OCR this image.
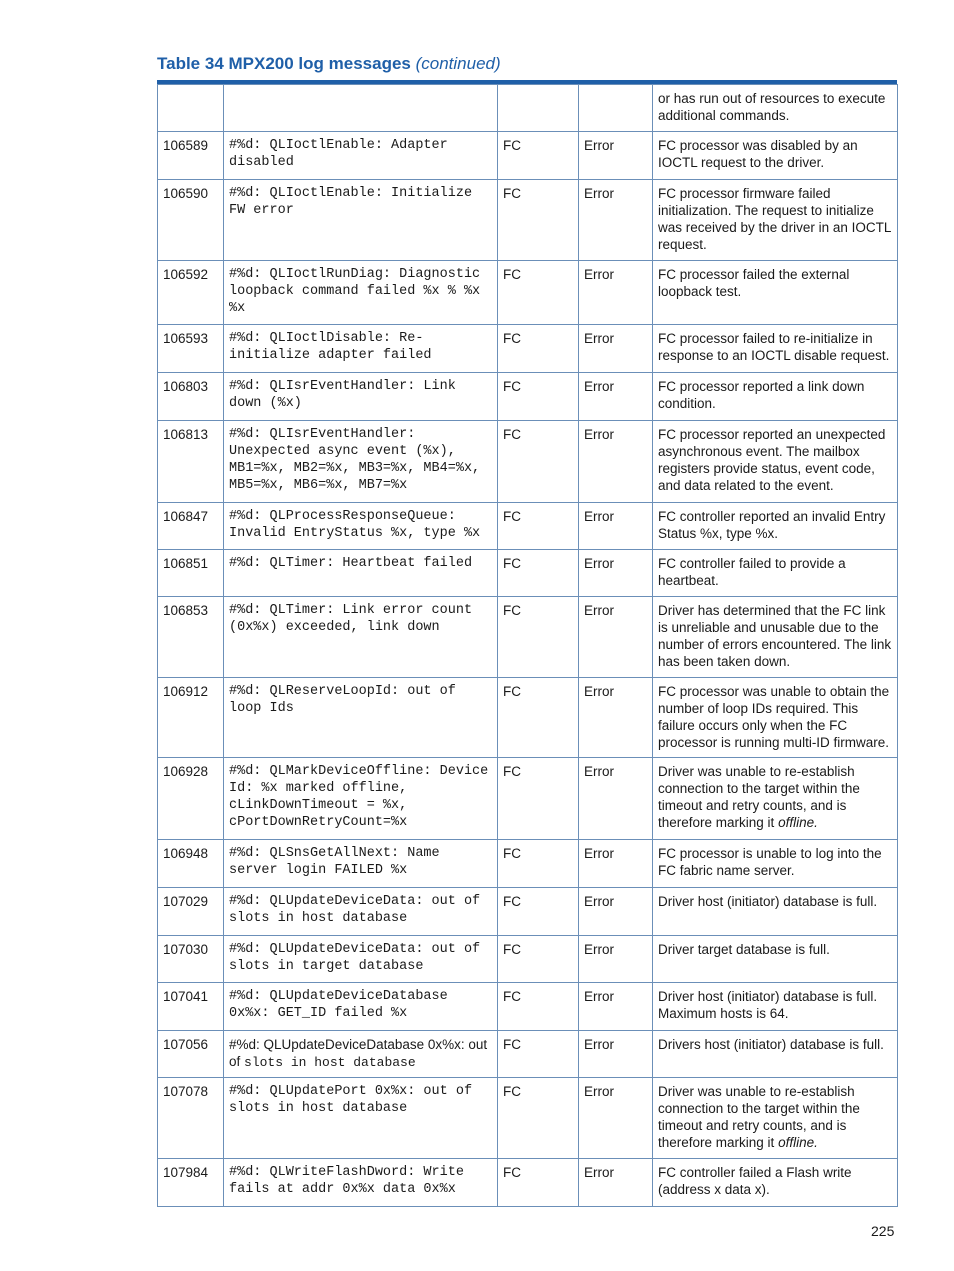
Table 34 MPX200 log messages (continued)
				or has run out of resources to execute additional commands.
106589	#%d: QLIoctlEnable: Adapter disabled	FC	Error	FC processor was disabled by an IOCTL request to the driver.
106590	#%d: QLIoctlEnable: Initialize FW error	FC	Error	FC processor firmware failed initialization. The request to initialize was received by the driver in an IOCTL request.
106592	#%d: QLIoctlRunDiag: Diagnostic loopback command failed %x % %x %x	FC	Error	FC processor failed the external loopback test.
106593	#%d: QLIoctlDisable: Re-initialize adapter failed	FC	Error	FC processor failed to re-initialize in response to an IOCTL disable request.
106803	#%d: QLIsrEventHandler: Link down (%x)	FC	Error	FC processor reported a link down condition.
106813	#%d: QLIsrEventHandler: Unexpected async event (%x), MB1=%x, MB2=%x, MB3=%x, MB4=%x, MB5=%x, MB6=%x, MB7=%x	FC	Error	FC processor reported an unexpected asynchronous event. The mailbox registers provide status, event code, and data related to the event.
106847	#%d: QLProcessResponseQueue: Invalid EntryStatus %x, type %x	FC	Error	FC controller reported an invalid Entry Status %x, type %x.
106851	#%d: QLTimer: Heartbeat failed	FC	Error	FC controller failed to provide a heartbeat.
106853	#%d: QLTimer: Link error count (0x%x) exceeded, link down	FC	Error	Driver has determined that the FC link is unreliable and unusable due to the number of errors encountered. The link has been taken down.
106912	#%d: QLReserveLoopId: out of loop Ids	FC	Error	FC processor was unable to obtain the number of loop IDs required. This failure occurs only when the FC processor is running multi-ID firmware.
106928	#%d: QLMarkDeviceOffline: Device Id: %x marked offline, cLinkDownTimeout = %x, cPortDownRetryCount=%x	FC	Error	Driver was unable to re-establish connection to the target within the timeout and retry counts, and is therefore marking it offline.
106948	#%d: QLSnsGetAllNext: Name server login FAILED %x	FC	Error	FC processor is unable to log into the FC fabric name server.
107029	#%d: QLUpdateDeviceData: out of slots in host database	FC	Error	Driver host (initiator) database is full.
107030	#%d: QLUpdateDeviceData: out of slots in target database	FC	Error	Driver target database is full.
107041	#%d: QLUpdateDeviceDatabase 0x%x: GET_ID failed %x	FC	Error	Driver host (initiator) database is full. Maximum hosts is 64.
107056	#%d: QLUpdateDeviceDatabase 0x%x: out of slots in host database	FC	Error	Drivers host (initiator) database is full.
107078	#%d: QLUpdatePort 0x%x: out of slots in host database	FC	Error	Driver was unable to re-establish connection to the target within the timeout and retry counts, and is therefore marking it offline.
107984	#%d: QLWriteFlashDword: Write fails at addr 0x%x data 0x%x	FC	Error	FC controller failed a Flash write (address x data x).
225
